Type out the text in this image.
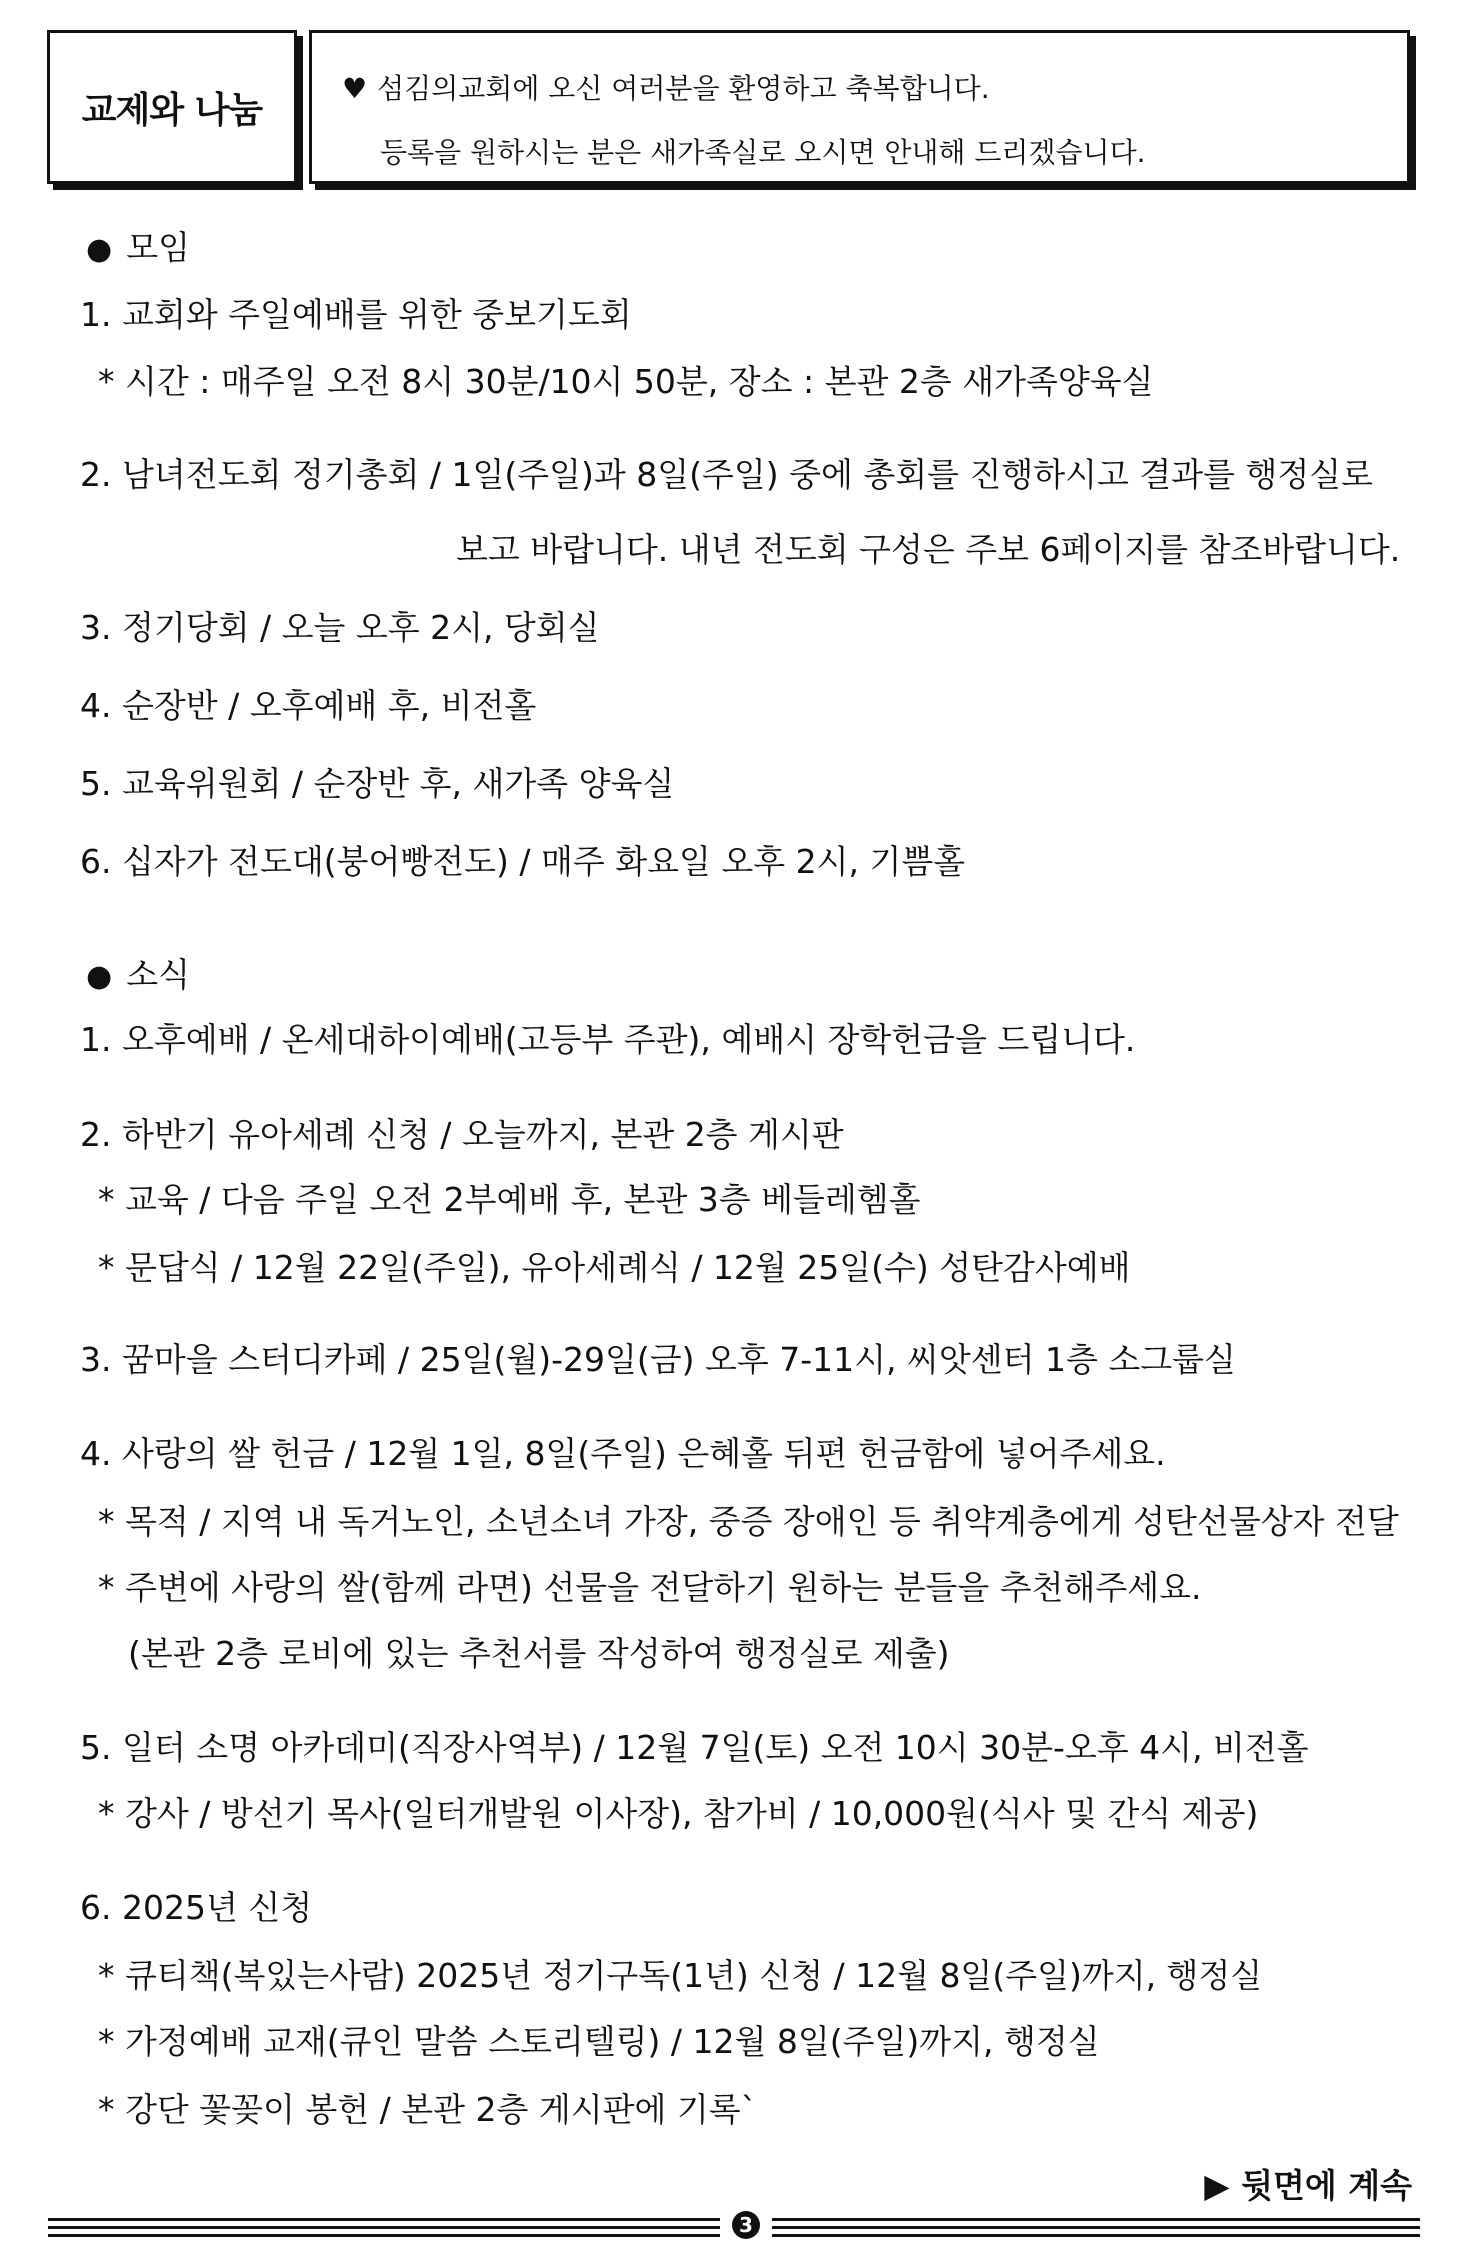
교제와 나눔
♥ 섬김의교회에 오신 여러분을 환영하고 축복합니다.
등록을 원하시는 분은 새가족실로 오시면 안내해 드리겠습니다.
● 모임
1. 교회와 주일예배를 위한 중보기도회
* 시간 : 매주일 오전 8시 30분/10시 50분, 장소 : 본관 2층 새가족양육실
2. 남녀전도회 정기총회 / 1일(주일)과 8일(주일) 중에 총회를 진행하시고 결과를 행정실로
보고 바랍니다. 내년 전도회 구성은 주보 6페이지를 참조바랍니다.
3. 정기당회 / 오늘 오후 2시, 당회실
4. 순장반 / 오후예배 후, 비전홀
5. 교육위원회 / 순장반 후, 새가족 양육실
6. 십자가 전도대(붕어빵전도) / 매주 화요일 오후 2시, 기쁨홀
● 소식
1. 오후예배 / 온세대하이예배(고등부 주관), 예배시 장학헌금을 드립니다.
2. 하반기 유아세례 신청 / 오늘까지, 본관 2층 게시판
* 교육 / 다음 주일 오전 2부예배 후, 본관 3층 베들레헴홀
* 문답식 / 12월 22일(주일), 유아세례식 / 12월 25일(수) 성탄감사예배
3. 꿈마을 스터디카페 / 25일(월)-29일(금) 오후 7-11시, 씨앗센터 1층 소그룹실
4. 사랑의 쌀 헌금 / 12월 1일, 8일(주일) 은혜홀 뒤편 헌금함에 넣어주세요.
* 목적 / 지역 내 독거노인, 소년소녀 가장, 중증 장애인 등 취약계층에게 성탄선물상자 전달
* 주변에 사랑의 쌀(함께 라면) 선물을 전달하기 원하는 분들을 추천해주세요.
(본관 2층 로비에 있는 추천서를 작성하여 행정실로 제출)
5. 일터 소명 아카데미(직장사역부) / 12월 7일(토) 오전 10시 30분-오후 4시, 비전홀
* 강사 / 방선기 목사(일터개발원 이사장), 참가비 / 10,000원(식사 및 간식 제공)
6. 2025년 신청
* 큐티책(복있는사람) 2025년 정기구독(1년) 신청 / 12월 8일(주일)까지, 행정실
* 가정예배 교재(큐인 말씀 스토리텔링) / 12월 8일(주일)까지, 행정실
* 강단 꽃꽂이 봉헌 / 본관 2층 게시판에 기록`
▶ 뒷면에 계속
3
